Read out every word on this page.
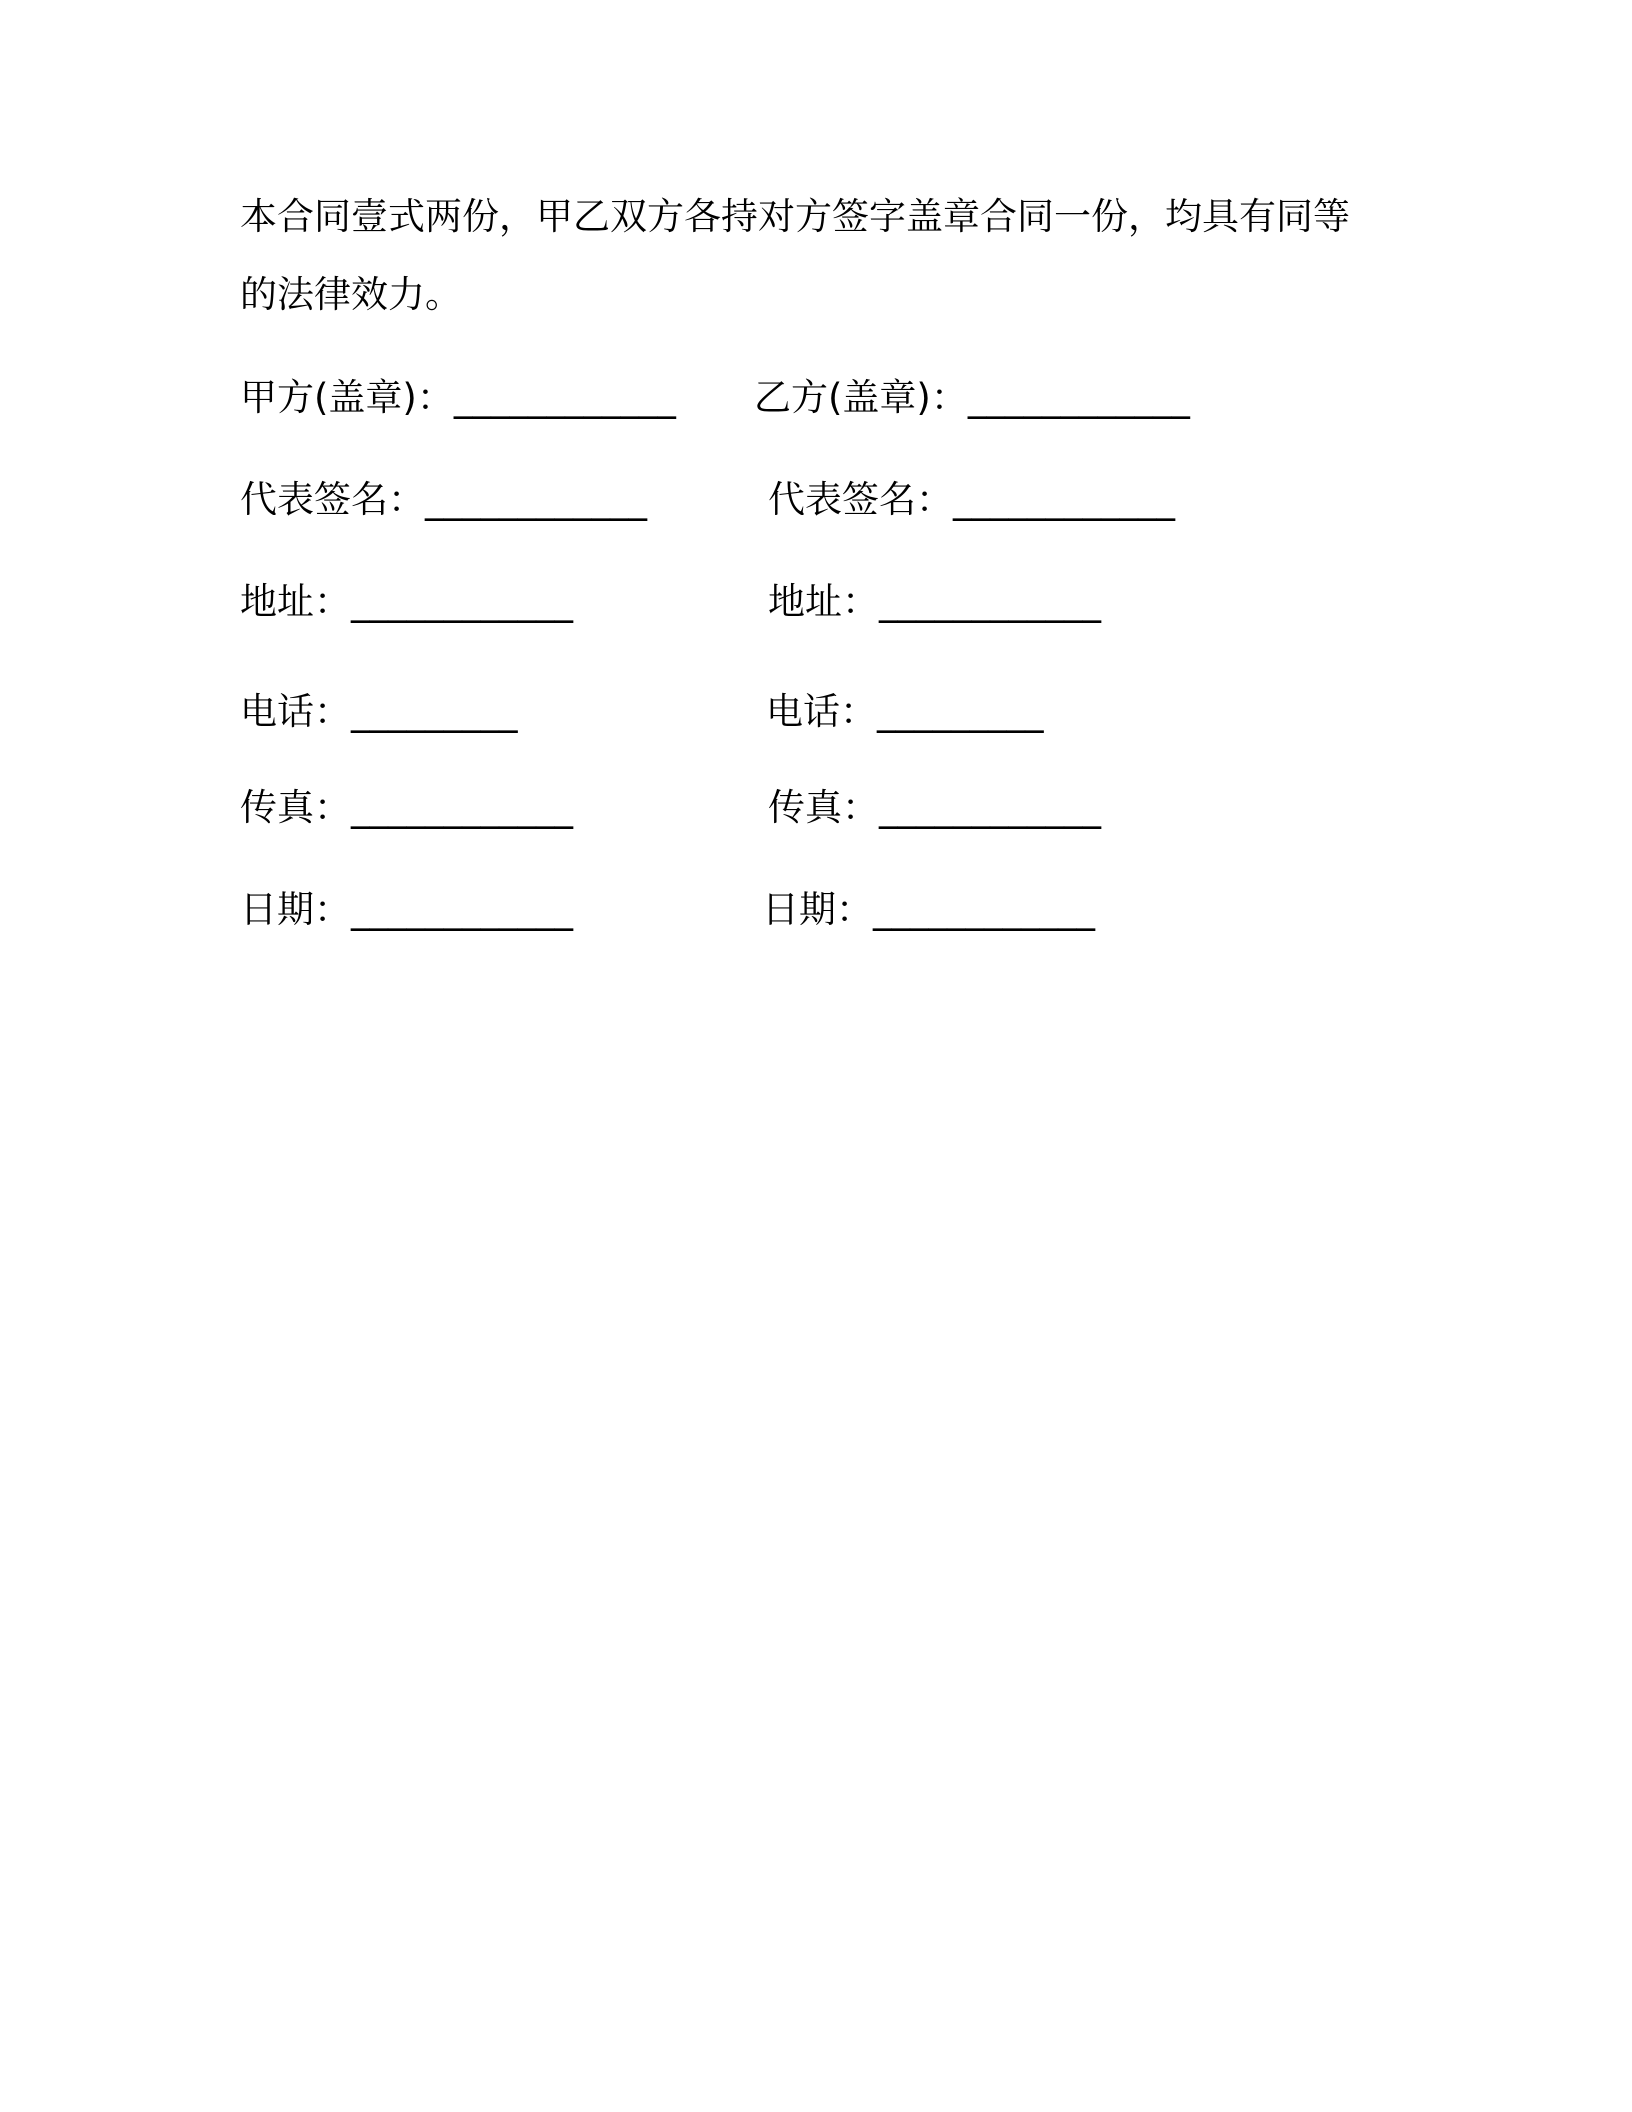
本合同壹式两份，甲乙双方各持对方签字盖章合同一份，均具有同等
的法律效力。
甲方(盖章)：____________
代表签名：____________
地址：____________
电话：_________
传真：____________
日期：____________
乙方(盖章)：____________
代表签名：____________
地址：____________
电话：_________
传真：____________
日期：____________
